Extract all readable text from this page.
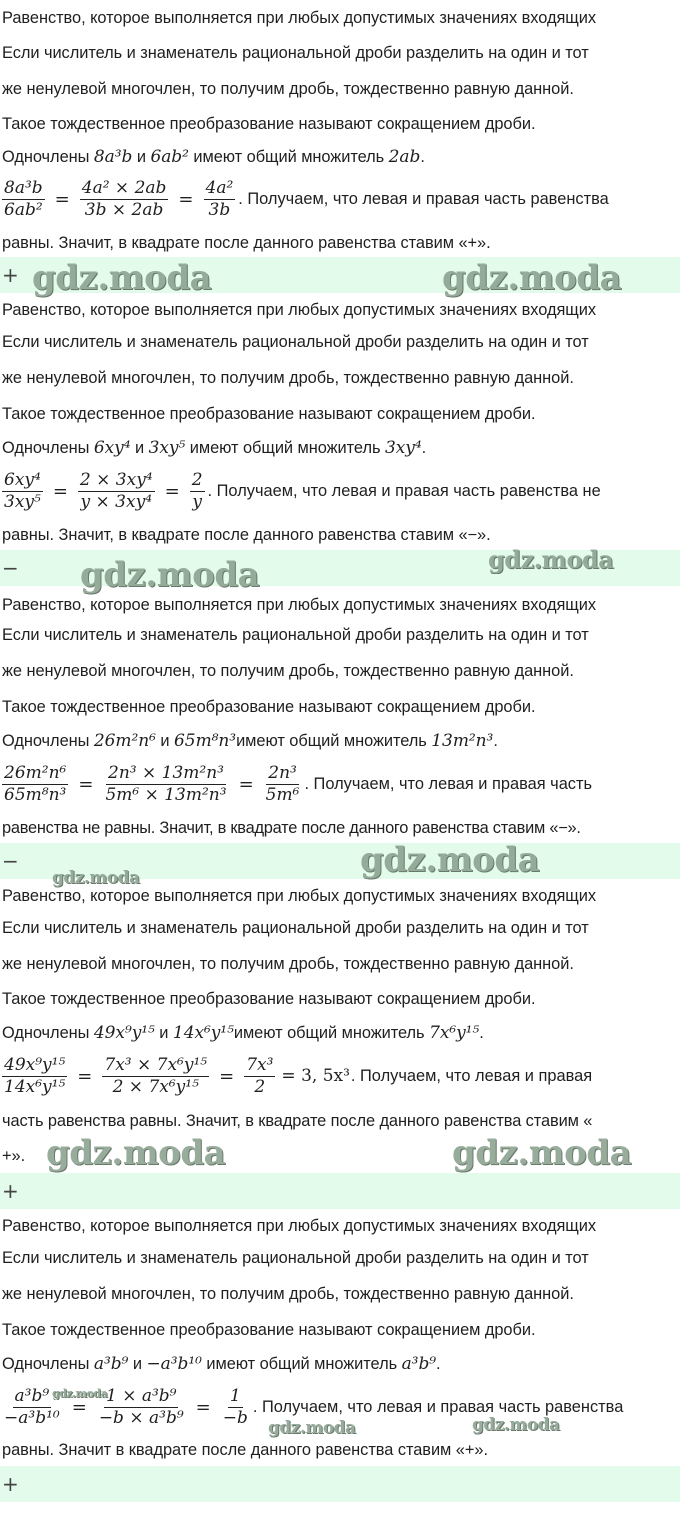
Равенство, которое выполняется при любых допустимых значениях входящих
Если числитель и знаменатель рациональной дроби разделить на один и тот
же ненулевой многочлен, то получим дробь, тождественно равную данной.
Такое тождественное преобразование называют сокращением дроби.
Одночлены 8a³b и 6ab² имеют общий множитель 2ab.
$\frac{\text{8a³b}}{\text{6ab²}} = \frac{\text{4a² × 2ab}}{3b \times 2ab} = \frac{\text{4a²}}{3b}$ . Получаем, что левая и правая часть равенства
равны. Значит, в квадрате после данного равенства ставим «+».
+ gdz.moda	gdz.moda
Равенство, которое выполняется при любых допустимых значениях входящих
Если числитель и знаменатель рациональной дроби разделить на один и тот
же ненулевой многочлен, то получим дробь, тождественно равную данной.
Такое тождественное преобразование называют сокращением дроби.
Одночлены 6xy⁴ и 3xy⁵ имеют общий множитель 3xy⁴.
$\frac{\text{6xy⁴}}{\text{3xy⁵}} = \frac{\text{2 × 3xy⁴}}{\text{y × 3xy⁴}} = \frac{2}{y}$ . Получаем, что левая и правая часть равенства не
равны. Значит, в квадрате после данного равенства ставим «−».
− gdz.moda	gdz.moda
Равенство, которое выполняется при любых допустимых значениях входящих
Если числитель и знаменатель рациональной дроби разделить на один и тот
же ненулевой многочлен, то получим дробь, тождественно равную данной.
Такое тождественное преобразование называют сокращением дроби.
Одночлены 26m²n⁶ и 65m⁸n³имеют общий множитель 13m²n³.
$\frac{\text{26m²n⁶}}{\text{65m⁸n³}} = \frac{\text{2n³ × 13m²n³}}{\text{5m⁶ × 13m²n³}} = \frac{\text{2n³}}{\text{5m⁶}}$ . Получаем, что левая и правая часть
равенства не равны. Значит, в квадрате после данного равенства ставим «−».
−	gdz.moda
gdz.moda
Равенство, которое выполняется при любых допустимых значениях входящих
Если числитель и знаменатель рациональной дроби разделить на один и тот
же ненулевой многочлен, то получим дробь, тождественно равную данной.
Такое тождественное преобразование называют сокращением дроби.
Одночлены 49x⁹y¹⁵ и 14x⁶y¹⁵имеют общий множитель 7x⁶y¹⁵.
$\frac{\text{49x⁹y¹⁵}}{\text{14x⁶y¹⁵}} = \frac{\text{7x³ × 7x⁶y¹⁵}}{\text{2 × 7x⁶y¹⁵}} = \frac{\text{7x³}}{2} = 3$, 5x³ . Получаем, что левая и правая
часть равенства равны. Значит, в квадрате после данного равенства ставим «
+». gdz.moda	gdz.moda
+
Равенство, которое выполняется при любых допустимых значениях входящих
Если числитель и знаменатель рациональной дроби разделить на один и тот
же ненулевой многочлен, то получим дробь, тождественно равную данной.
Такое тождественное преобразование называют сокращением дроби.
Одночлены a³b⁹ и −a³b¹⁰ имеют общий множитель a³b⁹.
$\frac{\text{a³b⁹}}{\text{−a³b¹⁰}} = \frac{\text{1 × a³b⁹}}{\text{−b × a³b⁹}} = \frac{1}{-b}$ . Получаем, что левая и правая часть равенства
gdz.moda
gdz.moda	gdz.moda
равны. Значит в квадрате после данного равенства ставим «+».
+
